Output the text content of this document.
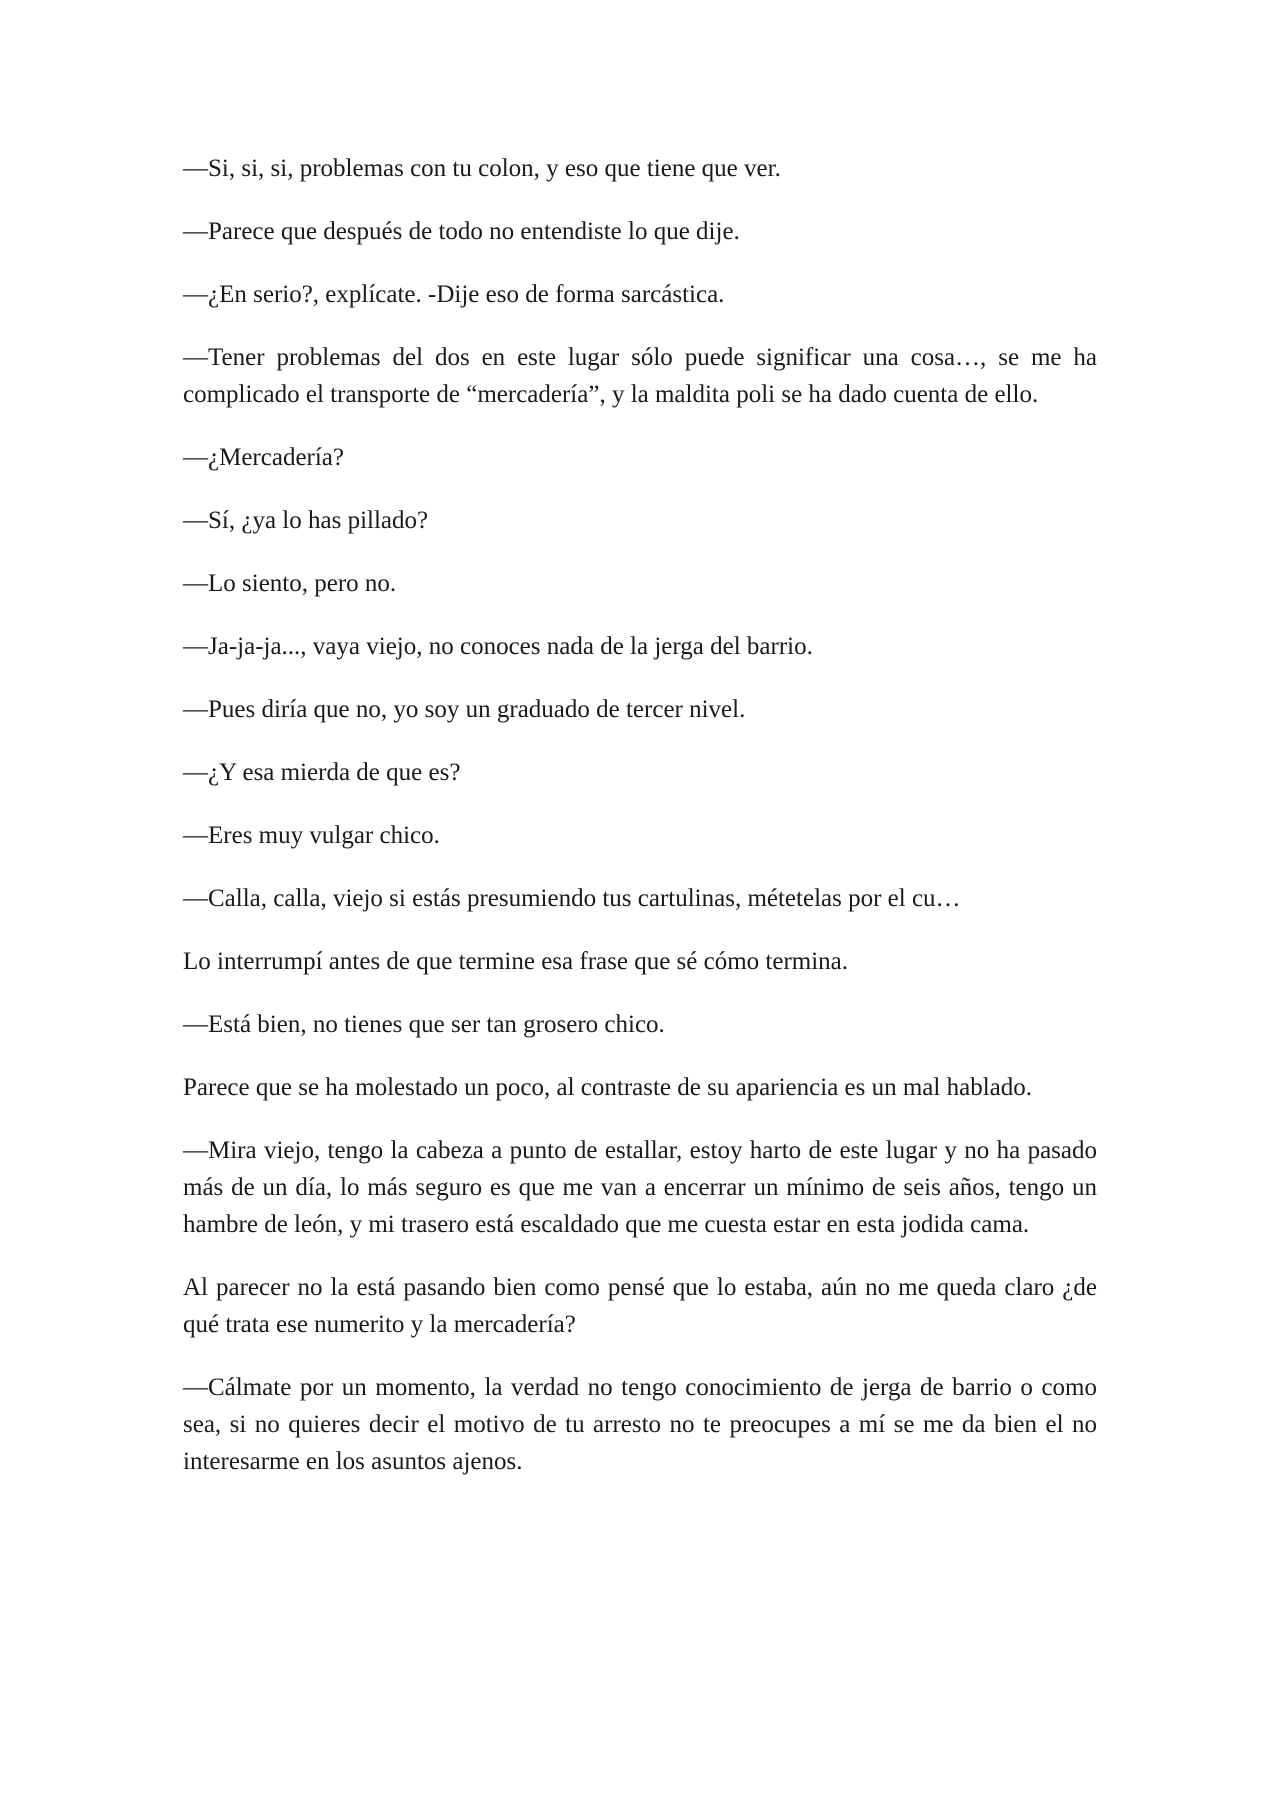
—Si, si, si, problemas con tu colon, y eso que tiene que ver.

—Parece que después de todo no entendiste lo que dije.

—¿En serio?, explícate. -Dije eso de forma sarcástica.

—Tener problemas del dos en este lugar sólo puede significar una cosa…, se me ha complicado el transporte de “mercadería”, y la maldita poli se ha dado cuenta de ello.

—¿Mercadería?

—Sí, ¿ya lo has pillado?

—Lo siento, pero no.

—Ja-ja-ja..., vaya viejo, no conoces nada de la jerga del barrio.

—Pues diría que no, yo soy un graduado de tercer nivel.

—¿Y esa mierda de que es?

—Eres muy vulgar chico.

—Calla, calla, viejo si estás presumiendo tus cartulinas, métetelas por el cu…

Lo interrumpí antes de que termine esa frase que sé cómo termina.

—Está bien, no tienes que ser tan grosero chico.

Parece que se ha molestado un poco, al contraste de su apariencia es un mal hablado.

—Mira viejo, tengo la cabeza a punto de estallar, estoy harto de este lugar y no ha pasado más de un día, lo más seguro es que me van a encerrar un mínimo de seis años, tengo un hambre de león, y mi trasero está escaldado que me cuesta estar en esta jodida cama.

Al parecer no la está pasando bien como pensé que lo estaba, aún no me queda claro ¿de qué trata ese numerito y la mercadería?

—Cálmate por un momento, la verdad no tengo conocimiento de jerga de barrio o como sea, si no quieres decir el motivo de tu arresto no te preocupes a mí se me da bien el no interesarme en los asuntos ajenos.
